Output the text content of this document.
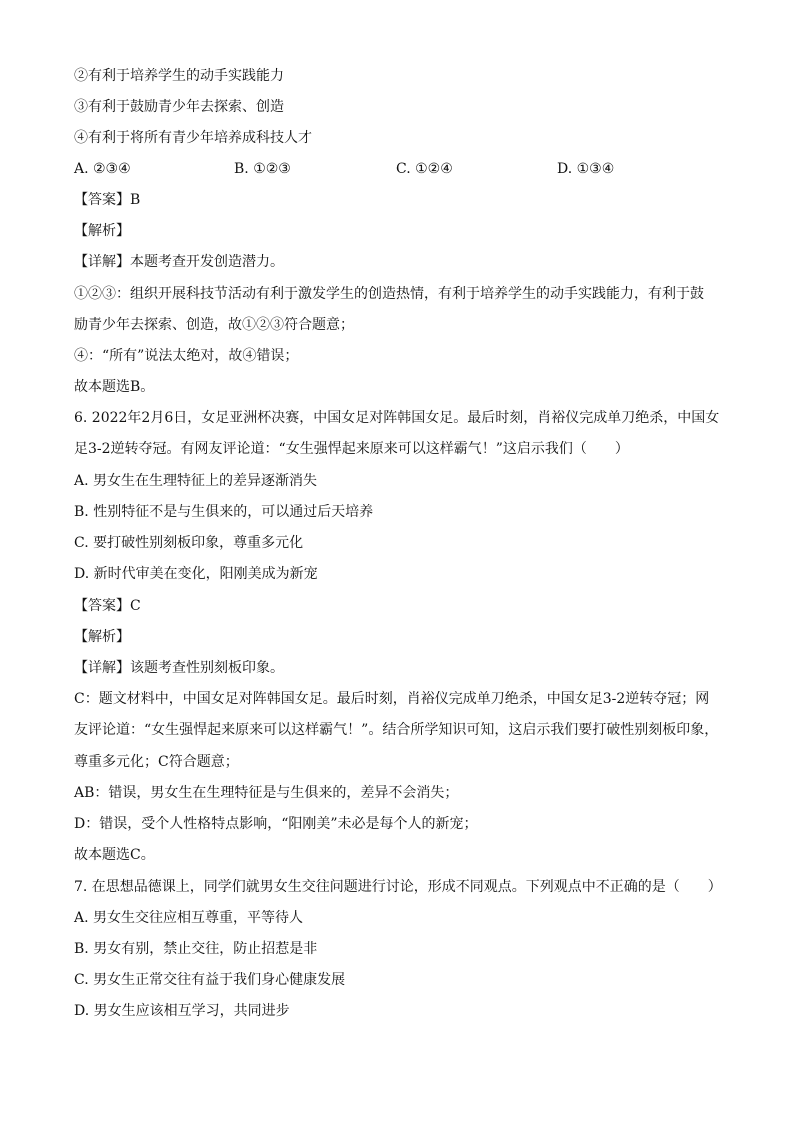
②有利于培养学生的动手实践能力
③有利于鼓励青少年去探索、创造
④有利于将所有青少年培养成科技人才
A. ②③④	B. ①②③	C. ①②④	D. ①③④
【答案】B
【解析】
【详解】本题考查开发创造潜力。
①②③：组织开展科技节活动有利于激发学生的创造热情，有利于培养学生的动手实践能力，有利于鼓
励青少年去探索、创造，故①②③符合题意；
④：“所有”说法太绝对，故④错误；
故本题选B。
6. 2022年2月6日，女足亚洲杯决赛，中国女足对阵韩国女足。最后时刻，肖裕仪完成单刀绝杀，中国女
足3-2逆转夺冠。有网友评论道：“女生强悍起来原来可以这样霸气！”这启示我们（　　）
A. 男女生在生理特征上的差异逐渐消失
B. 性别特征不是与生俱来的，可以通过后天培养
C. 要打破性别刻板印象，尊重多元化
D. 新时代审美在变化，阳刚美成为新宠
【答案】C
【解析】
【详解】该题考查性别刻板印象。
C：题文材料中，中国女足对阵韩国女足。最后时刻，肖裕仪完成单刀绝杀，中国女足3-2逆转夺冠；网
友评论道：“女生强悍起来原来可以这样霸气！”。结合所学知识可知，这启示我们要打破性别刻板印象，
尊重多元化；C符合题意；
AB：错误，男女生在生理特征是与生俱来的，差异不会消失；
D：错误，受个人性格特点影响，“阳刚美”未必是每个人的新宠；
故本题选C。
7. 在思想品德课上，同学们就男女生交往问题进行讨论，形成不同观点。下列观点中不正确的是（　　）
A. 男女生交往应相互尊重，平等待人
B. 男女有别，禁止交往，防止招惹是非
C. 男女生正常交往有益于我们身心健康发展
D. 男女生应该相互学习，共同进步
